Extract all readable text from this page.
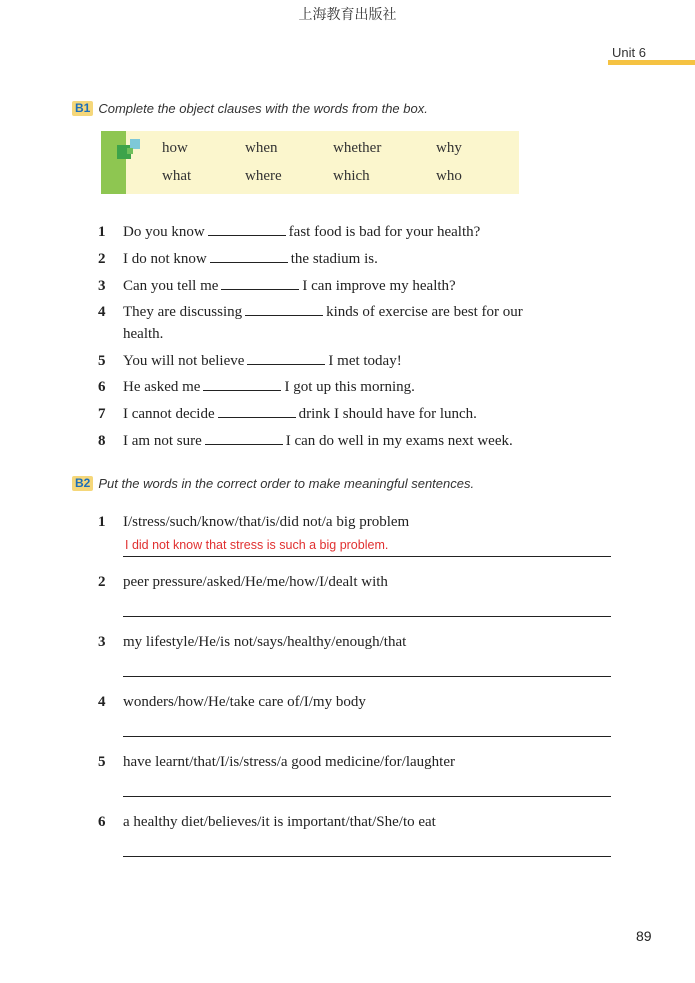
上海教育出版社
Unit 6
B1 Complete the object clauses with the words from the box.
how	when	whether	why
what	where	which	who
1 Do you know	fast food is bad for your health?
2 I do not know	the stadium is.
3 Can you tell me	I can improve my health?
4 They are discussing	kinds of exercise are best for our
health.
5 You will not believe	I met today!
6 He asked me	I got up this morning.
7 I cannot decide	drink I should have for lunch.
8 I am not sure	I can do well in my exams next week.
B2 Put the words in the correct order to make meaningful sentences.
1 I/stress/such/know/that/is/did not/a big problem
I did not know that stress is such a big problem.
2 peer pressure/asked/He/me/how/I/dealt with
3 my lifestyle/He/is not/says/healthy/enough/that
4 wonders/how/He/take care of/I/my body
5 have learnt/that/I/is/stress/a good medicine/for/laughter
6 a healthy diet/believes/it is important/that/She/to eat
89
